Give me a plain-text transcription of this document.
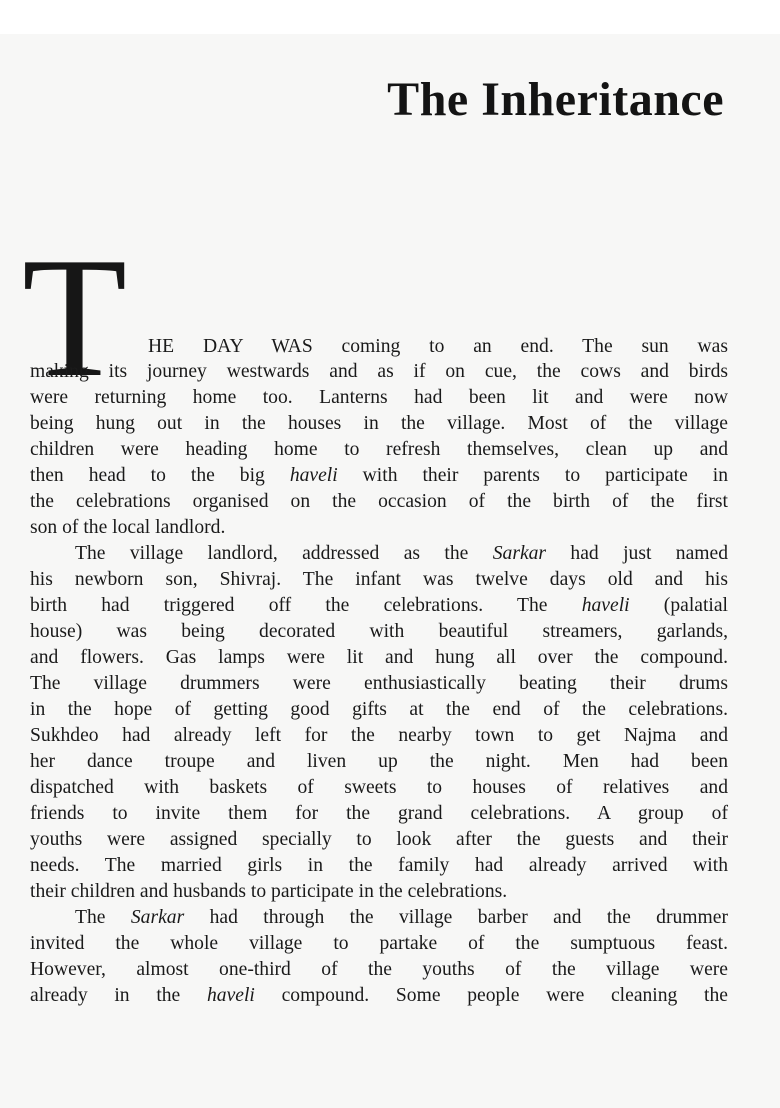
The Inheritance
T HE DAY WAS coming to an end. The sun was
making its journey westwards and as if on cue, the cows and birds
were returning home too. Lanterns had been lit and were now
being hung out in the houses in the village. Most of the village
children were heading home to refresh themselves, clean up and
then head to the big haveli with their parents to participate in
the celebrations organised on the occasion of the birth of the first
son of the local landlord.
The village landlord, addressed as the Sarkar had just named
his newborn son, Shivraj. The infant was twelve days old and his
birth had triggered off the celebrations. The haveli (palatial
house) was being decorated with beautiful streamers, garlands,
and flowers. Gas lamps were lit and hung all over the compound.
The village drummers were enthusiastically beating their drums
in the hope of getting good gifts at the end of the celebrations.
Sukhdeo had already left for the nearby town to get Najma and
her dance troupe and liven up the night. Men had been
dispatched with baskets of sweets to houses of relatives and
friends to invite them for the grand celebrations. A group of
youths were assigned specially to look after the guests and their
needs. The married girls in the family had already arrived with
their children and husbands to participate in the celebrations.
The Sarkar had through the village barber and the drummer
invited the whole village to partake of the sumptuous feast.
However, almost one-third of the youths of the village were
already in the haveli compound. Some people were cleaning the
